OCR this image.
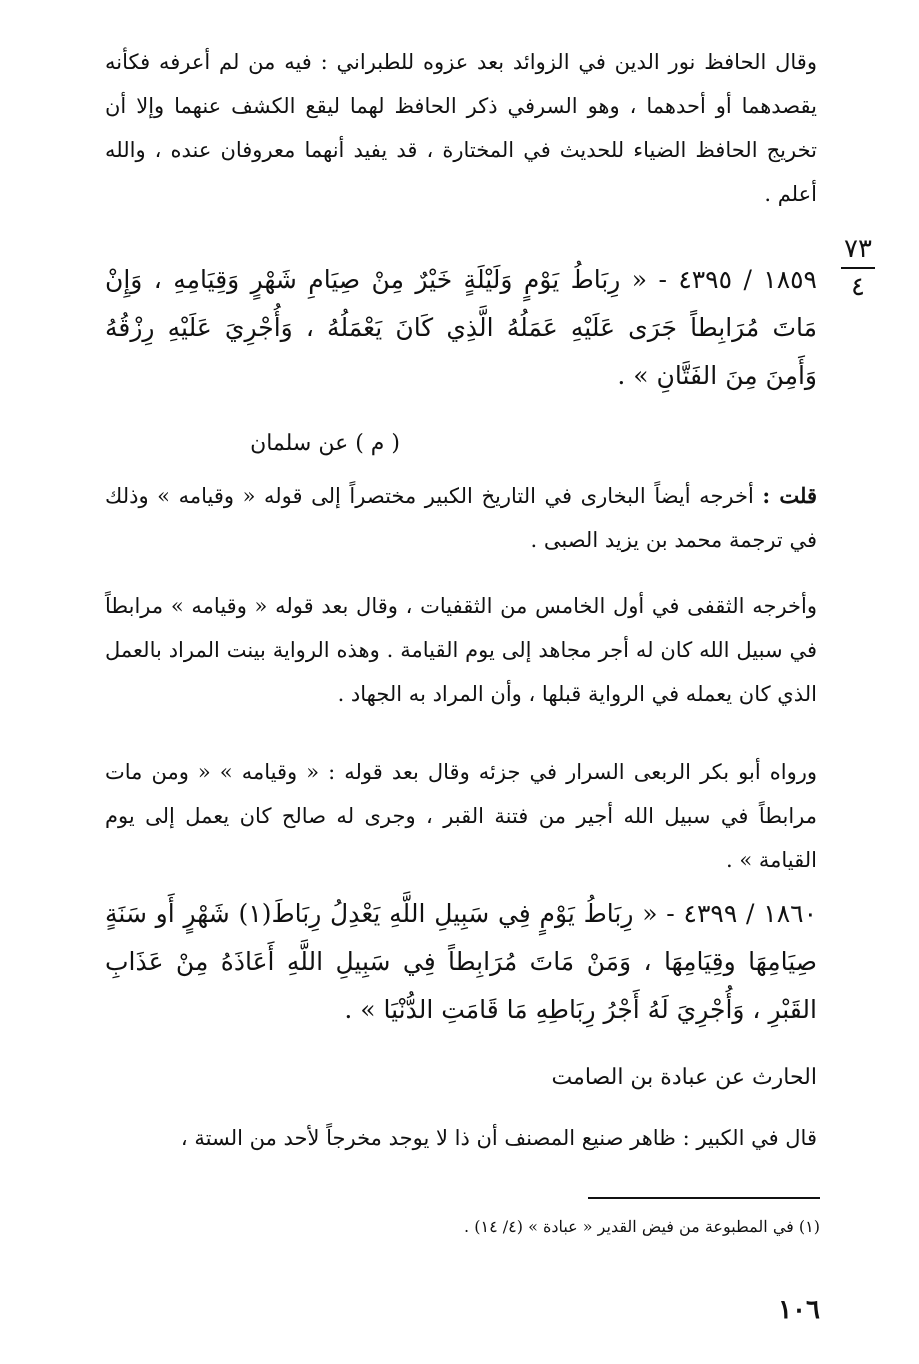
٧٣
٤

وقال الحافظ نور الدين في الزوائد بعد عزوه للطبراني : فيه من لم أعرفه فكأنه يقصدهما أو أحدهما ، وهو السرفي ذكر الحافظ لهما ليقع الكشف عنهما وإلا أن تخريج الحافظ الضياء للحديث في المختارة ، قد يفيد أنهما معروفان عنده ، والله أعلم .

١٨٥٩ / ٤٣٩٥ - « رِبَاطُ يَوْمٍ وَلَيْلَةٍ خَيْرٌ مِنْ صِيَامِ شَهْرٍ وَقِيَامِهِ ، وَإِنْ مَاتَ مُرَابِطاً جَرَى عَلَيْهِ عَمَلُهُ الَّذِي كَانَ يَعْمَلُهُ ، وَأُجْرِيَ عَلَيْهِ رِزْقُهُ وَأَمِنَ مِنَ الفَتَّانِ » .

( م ) عن سلمان

قلت : أخرجه أيضاً البخارى في التاريخ الكبير مختصراً إلى قوله « وقيامه » وذلك في ترجمة محمد بن يزيد الصبى .

وأخرجه الثقفى في أول الخامس من الثقفيات ، وقال بعد قوله « وقيامه » مرابطاً في سبيل الله كان له أجر مجاهد إلى يوم القيامة . وهذه الرواية بينت المراد بالعمل الذي كان يعمله في الرواية قبلها ، وأن المراد به الجهاد .

ورواه أبو بكر الربعى السرار في جزئه وقال بعد قوله : « وقيامه » « ومن مات مرابطاً في سبيل الله أجير من فتنة القبر ، وجرى له صالح كان يعمل إلى يوم القيامة » .

١٨٦٠ / ٤٣٩٩ - « رِبَاطُ يَوْمٍ فِي سَبِيلِ اللَّهِ يَعْدِلُ رِبَاطَ(١) شَهْرٍ أَو سَنَةٍ صِيَامِهَا وقِيَامِهَا ، وَمَنْ مَاتَ مُرَابِطاً فِي سَبِيلِ اللَّهِ أَعَاذَهُ مِنْ عَذَابِ القَبْرِ ، وَأُجْرِيَ لَهُ أَجْرُ رِبَاطِهِ مَا قَامَتِ الدُّنْيَا » .

الحارث عن عبادة بن الصامت

قال في الكبير : ظاهر صنيع المصنف أن ذا لا يوجد مخرجاً لأحد من الستة ،

(١) في المطبوعة من فيض القدير « عبادة » (٤/ ١٤) .
١٠٦
